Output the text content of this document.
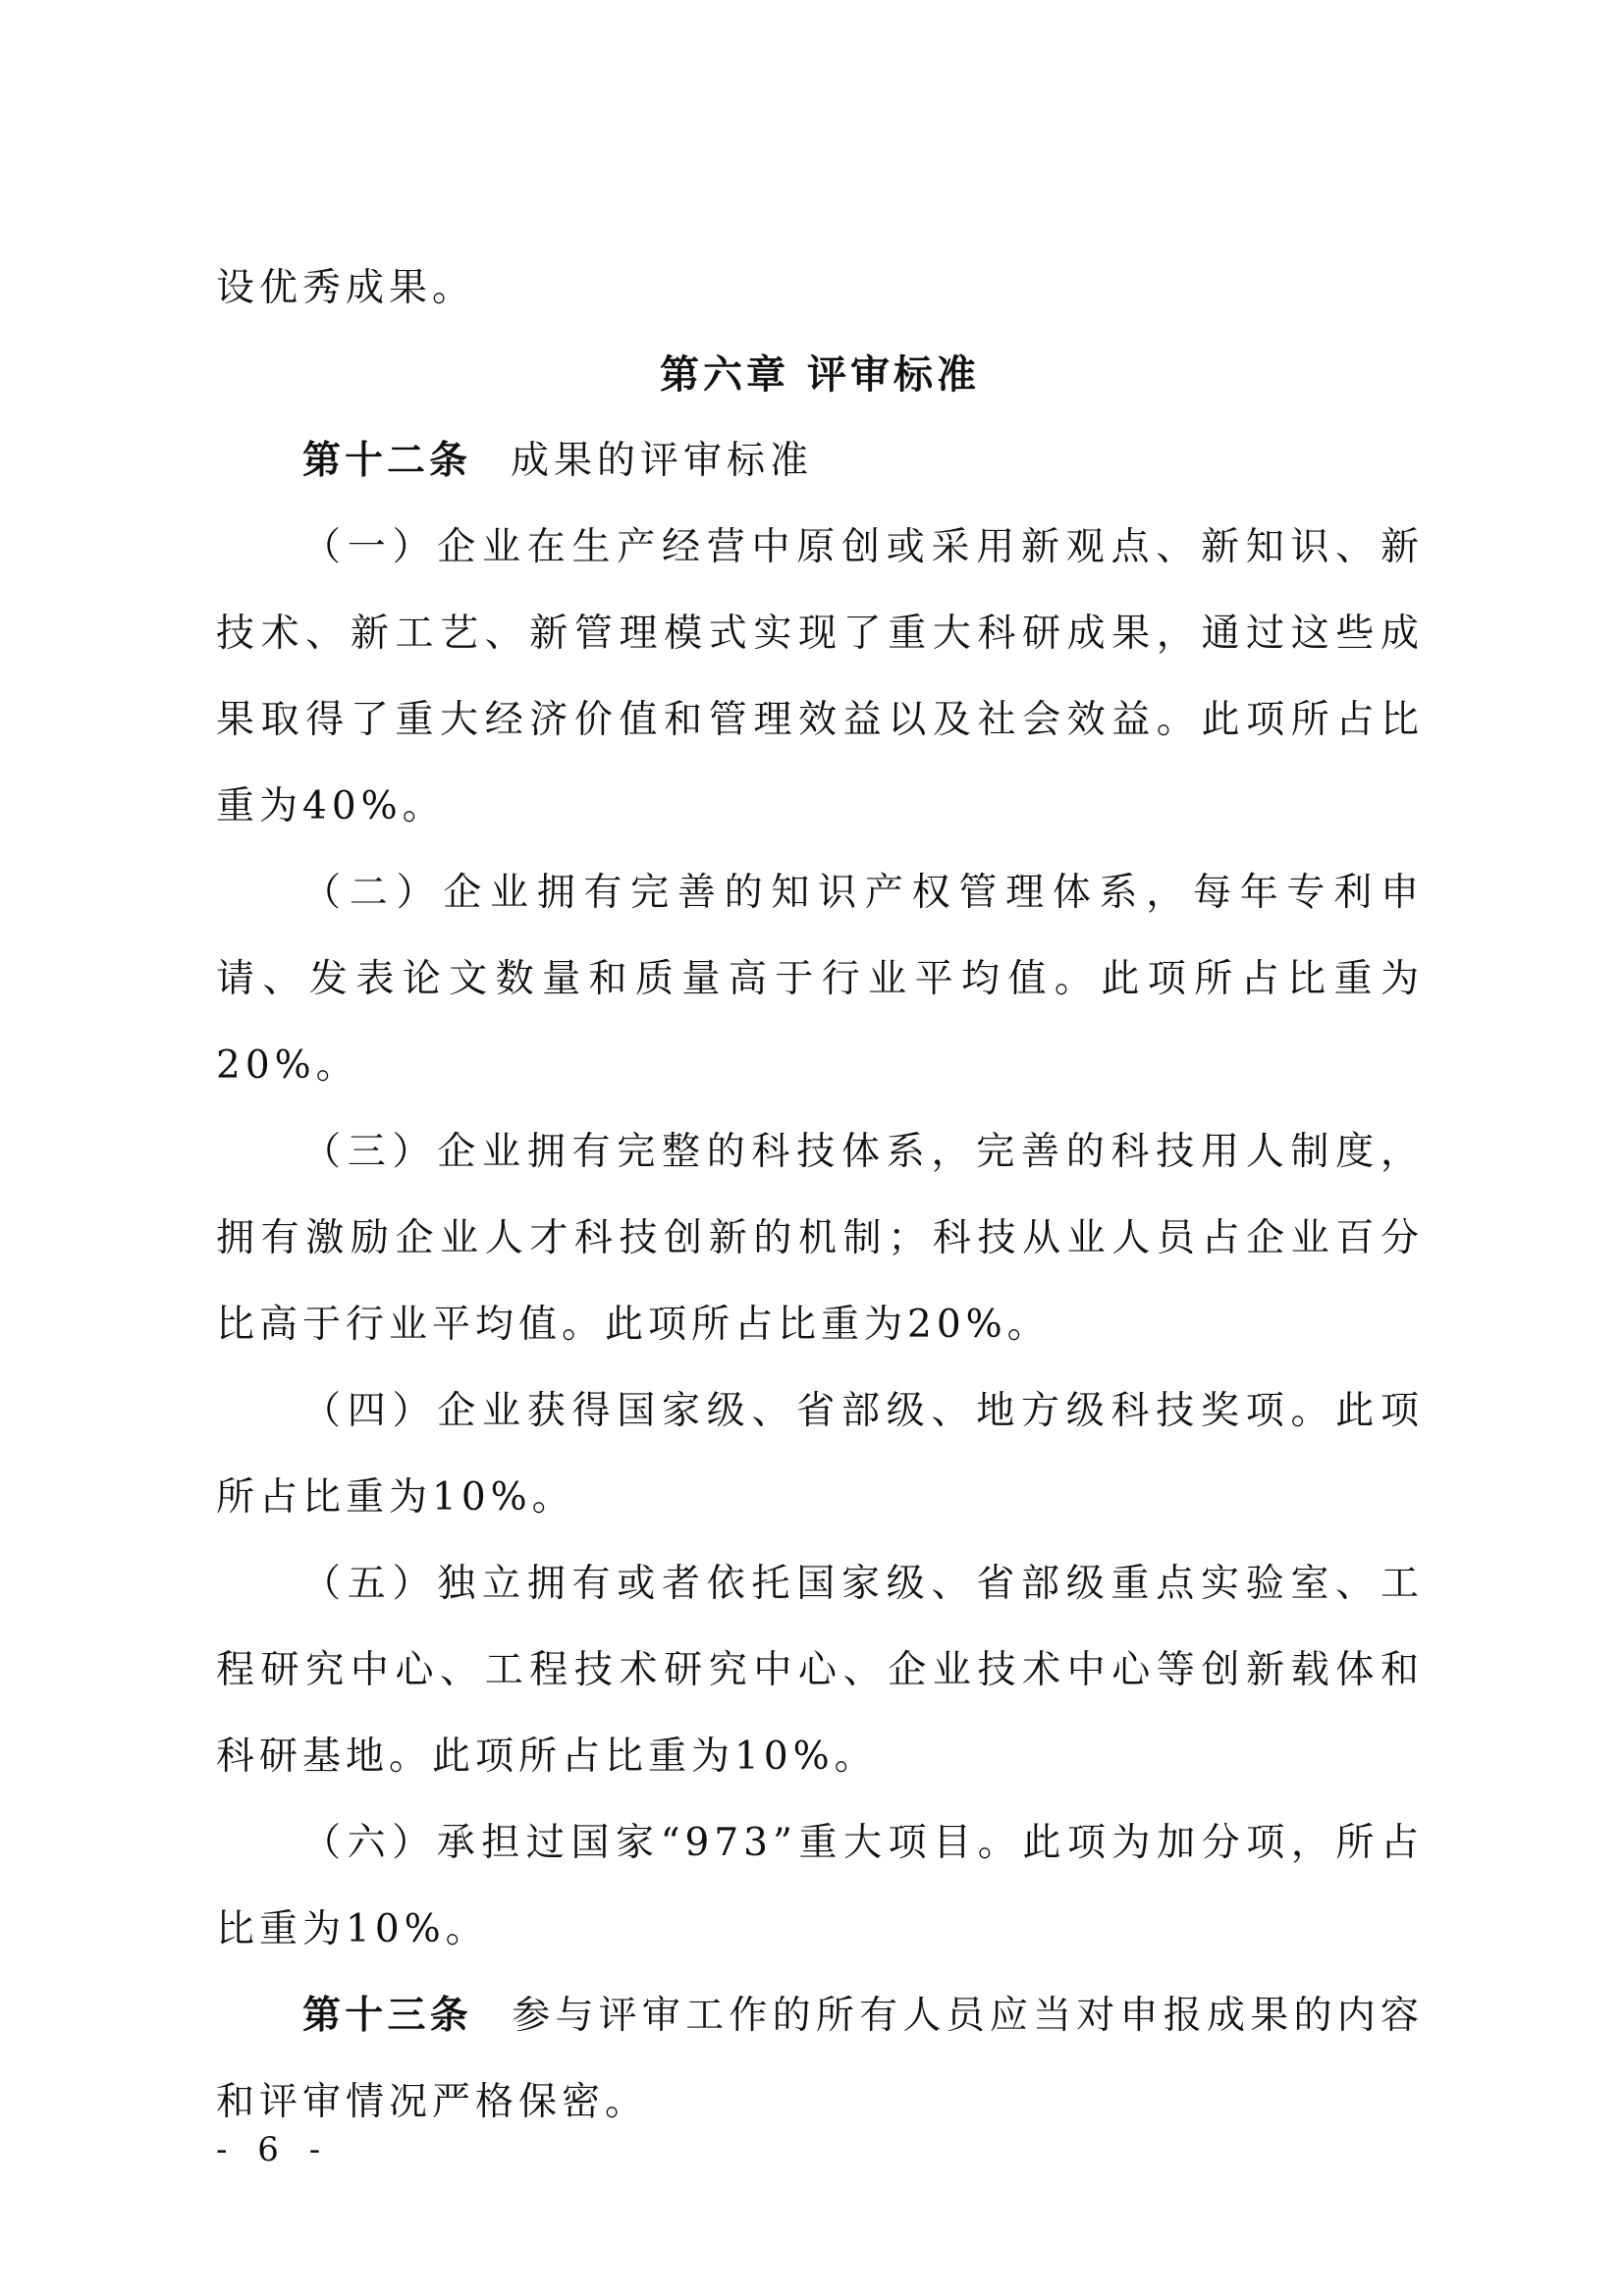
设优秀成果。

第六章 评审标准

第十二条 成果的评审标准

（一）企业在生产经营中原创或采用新观点、新知识、新技术、新工艺、新管理模式实现了重大科研成果，通过这些成果取得了重大经济价值和管理效益以及社会效益。此项所占比重为40%。

（二）企业拥有完善的知识产权管理体系，每年专利申请、发表论文数量和质量高于行业平均值。此项所占比重为20%。

（三）企业拥有完整的科技体系，完善的科技用人制度，拥有激励企业人才科技创新的机制；科技从业人员占企业百分比高于行业平均值。此项所占比重为20%。

（四）企业获得国家级、省部级、地方级科技奖项。此项所占比重为10%。

（五）独立拥有或者依托国家级、省部级重点实验室、工程研究中心、工程技术研究中心、企业技术中心等创新载体和科研基地。此项所占比重为10%。

（六）承担过国家“973”重大项目。此项为加分项，所占比重为10%。

第十三条 参与评审工作的所有人员应当对申报成果的内容和评审情况严格保密。

- 6 -
